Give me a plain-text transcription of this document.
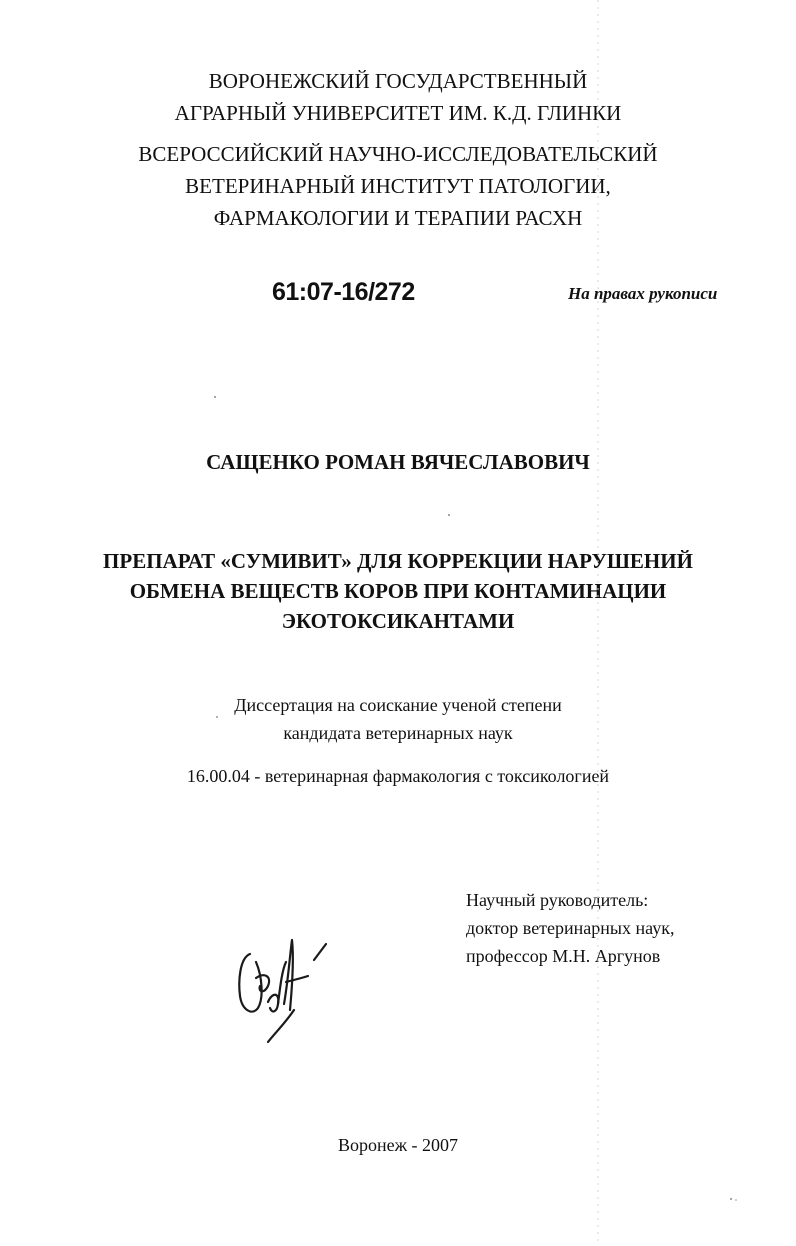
ВОРОНЕЖСКИЙ ГОСУДАРСТВЕННЫЙ
АГРАРНЫЙ УНИВЕРСИТЕТ ИМ. К.Д. ГЛИНКИ
ВСЕРОССИЙСКИЙ НАУЧНО-ИССЛЕДОВАТЕЛЬСКИЙ
ВЕТЕРИНАРНЫЙ ИНСТИТУТ ПАТОЛОГИИ,
ФАРМАКОЛОГИИ И ТЕРАПИИ РАСХН
61:07-16/272	На правах рукописи
САЩЕНКО РОМАН ВЯЧЕСЛАВОВИЧ
ПРЕПАРАТ «СУМИВИТ» ДЛЯ КОРРЕКЦИИ НАРУШЕНИЙ
ОБМЕНА ВЕЩЕСТВ КОРОВ ПРИ КОНТАМИНАЦИИ
ЭКОТОКСИКАНТАМИ
Диссертация на соискание ученой степени
кандидата ветеринарных наук
16.00.04 - ветеринарная фармакология с токсикологией
Научный руководитель:
доктор ветеринарных наук,
профессор М.Н. Аргунов
Воронеж - 2007
